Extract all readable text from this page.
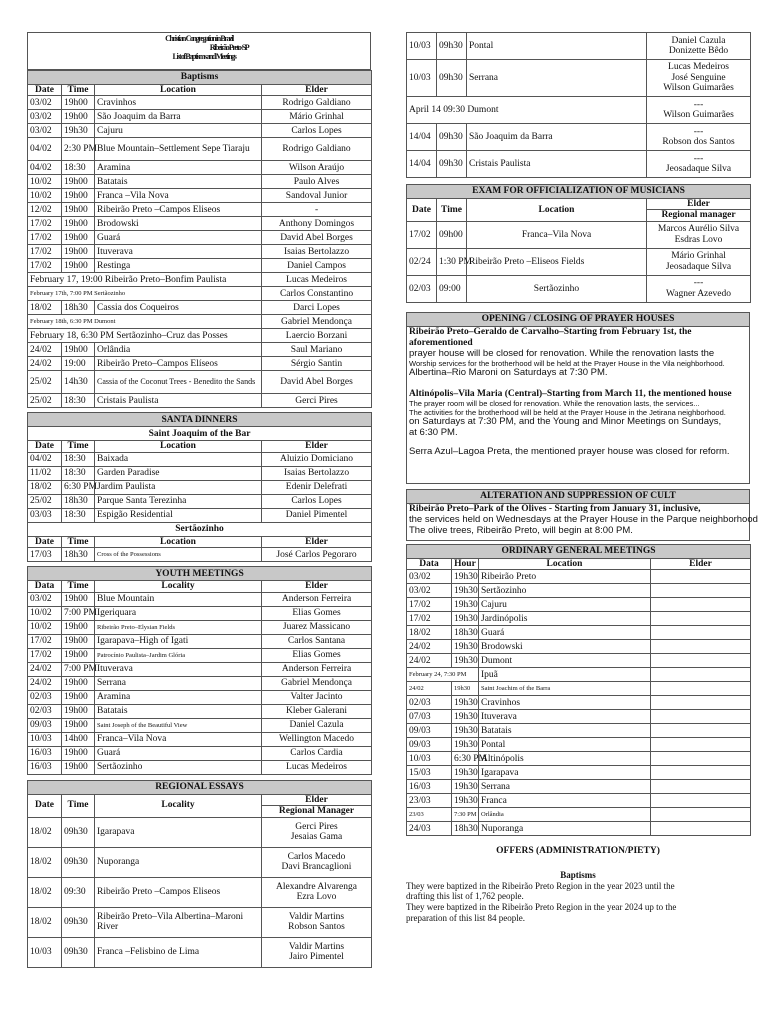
Christian Congregation in Brazil
Ribeirão Preto-SP
List of Baptisms and Meetings
Baptisms			
Date	Time	Location	Elder
03/02	19h00	Cravinhos	Rodrigo Galdiano
03/02	19h00	São Joaquim da Barra	Mário Grinhal
03/02	19h30	Cajuru	Carlos Lopes
04/02	2:30 PM	Blue Mountain–Settlement Sepe Tiaraju	Rodrigo Galdiano
04/02	18:30	Aramina	Wilson Araújo
10/02	19h00	Batatais	Paulo Alves
10/02	19h00	Franca –Vila Nova	Sandoval Junior
12/02	19h00	Ribeirão Preto –Campos Eliseos	-
17/02	19h00	Brodowski	Anthony Domingos
17/02	19h00	Guará	David Abel Borges
17/02	19h00	Ituverava	Isaias Bertolazzo
17/02	19h00	Restinga	Daniel Campos
February 17, 19:00 Ribeirão Preto–Bonfim Paulista			Lucas Medeiros
February 17th, 7:00 PM Sertãozinho			Carlos Constantino
18/02	18h30	Cassia dos Coqueiros	Darci Lopes
February 18th, 6:30 PM Dumont			Gabriel Mendonça
February 18, 6:30 PM Sertãozinho–Cruz das Posses			Laercio Borzani
24/02	19h00	Orlândia	Saul Mariano
24/02	19:00	Ribeirão Preto–Campos Elíseos	Sérgio Santin
25/02	14h30	Cassia of the Coconut Trees - Benedito the Sands	David Abel Borges
25/02	18:30	Cristais Paulista	Gerci Pires
SANTA DINNERS			
Saint Joaquim of the Bar			
Date	Time	Location	Elder
04/02	18:30	Baixada	Aluizio Domiciano
11/02	18:30	Garden Paradise	Isaias Bertolazzo
18/02	6:30 PM	Jardim Paulista	Edenir Delefrati
25/02	18h30	Parque Santa Terezinha	Carlos Lopes
03/03	18:30	Espigão Residential	Daniel Pimentel
Sertãozinho			
Date	Time	Location	Elder
17/03	18h30	Cross of the Possessions	José Carlos Pegoraro
YOUTH MEETINGS			
Data	Time	Locality	Elder
03/02	19h00	Blue Mountain	Anderson Ferreira
10/02	7:00 PM	Igeriquara	Elias Gomes
10/02	19h00	Ribeirão Preto–Elysian Fields	Juarez Massicano
17/02	19h00	Igarapava–High of Igati	Carlos Santana
17/02	19h00	Patrocínio Paulista–Jardim Glória	Elias Gomes
24/02	7:00 PM	Ituverava	Anderson Ferreira
24/02	19h00	Serrana	Gabriel Mendonça
02/03	19h00	Aramina	Valter Jacinto
02/03	19h00	Batatais	Kleber Galerani
09/03	19h00	Saint Joseph of the Beautiful View	Daniel Cazula
10/03	14h00	Franca–Vila Nova	Wellington Macedo
16/03	19h00	Guará	Carlos Cardia
16/03	19h00	Sertãozinho	Lucas Medeiros
REGIONAL ESSAYS			
Date	Time	Locality	Elder
			Regional Manager
18/02	09h30	Igarapava	Gerci Pires
Jesaias Gama

18/02	09h30	Nuporanga	Carlos Macedo
Davi Brancaglioni

18/02	09:30	Ribeirão Preto –Campos Eliseos	Alexandre Alvarenga
Ezra Lovo

18/02	09h30	Ribeirão Preto–Vila Albertina–Maroni River	Valdir Martins
Robson Santos

10/03	09h30	Franca –Felisbino de Lima	Valdir Martins
Jairo Pimentel
10/03	09h30	Pontal	Daniel Cazula
Donizette Bêdo

10/03	09h30	Serrana	Lucas Medeiros
José Senguine
Wilson Guimarães

April 14 09:30 Dumont			---
Wilson Guimarães

14/04	09h30	São Joaquim da Barra	---
Robson dos Santos

14/04	09h30	Cristais Paulista	---
Jeosadaque Silva
EXAM FOR OFFICIALIZATION OF MUSICIANS			
Date	Time	Location	Elder
			Regional manager
17/02	09h00	Franca–Vila Nova	Marcos Aurélio Silva
Esdras Lovo

02/24	1:30 PM	Ribeirão Preto –Eliseos Fields	Mário Grinhal
Jeosadaque Silva

02/03	09:00	Sertãozinho	---
Wagner Azevedo
OPENING / CLOSING OF PRAYER HOUSES

Ribeirão Preto–Geraldo de Carvalho–Starting from February 1st, the aforementioned

prayer house will be closed for renovation. While the renovation lasts the

Worship services for the brotherhood will be held at the Prayer House in the Vila neighborhood.

Albertina–Rio Maroni on Saturdays at 7:30 PM.

Altinópolis–Vila Maria (Central)–Starting from March 11, the mentioned house

The prayer room will be closed for renovation. While the renovation lasts, the services...

The activities for the brotherhood will be held at the Prayer House in the Jetirana neighborhood.

on Saturdays at 7:30 PM, and the Young and Minor Meetings on Sundays,

at 6:30 PM.

Serra Azul–Lagoa Preta, the mentioned prayer house was closed for reform.

ALTERATION AND SUPPRESSION OF CULT

Ribeirão Preto–Park of the Olives - Starting from January 31, inclusive,

the services held on Wednesdays at the Prayer House in the Parque neighborhood

The olive trees, Ribeirão Preto, will begin at 8:00 PM.

ORDINARY GENERAL MEETINGS			
Data	Hour	Location	Elder
03/02	19h30	Ribeirão Preto	
03/02	19h30	Sertãozinho	
17/02	19h30	Cajuru	
17/02	19h30	Jardinópolis	
18/02	18h30	Guará	
24/02	19h30	Brodowski	
24/02	19h30	Dumont	
February 24, 7:30 PM		Ipuã	
24/02	19h30	Saint Joachim of the Barra	
02/03	19h30	Cravinhos	
07/03	19h30	Ituverava	
09/03	19h30	Batatais	
09/03	19h30	Pontal	
10/03	6:30 PM	Altinópolis	
15/03	19h30	Igarapava	
16/03	19h30	Serrana	
23/03	19h30	Franca	
23/03	7:30 PM	Orlândia	
24/03	18h30	Nuporanga	
OFFERS (ADMINISTRATION/PIETY)
Baptisms
They were baptized in the Ribeirão Preto Region in the year 2023 until the
drafting this list of 1,762 people.
They were baptized in the Ribeirão Preto Region in the year 2024 up to the
preparation of this list 84 people.
